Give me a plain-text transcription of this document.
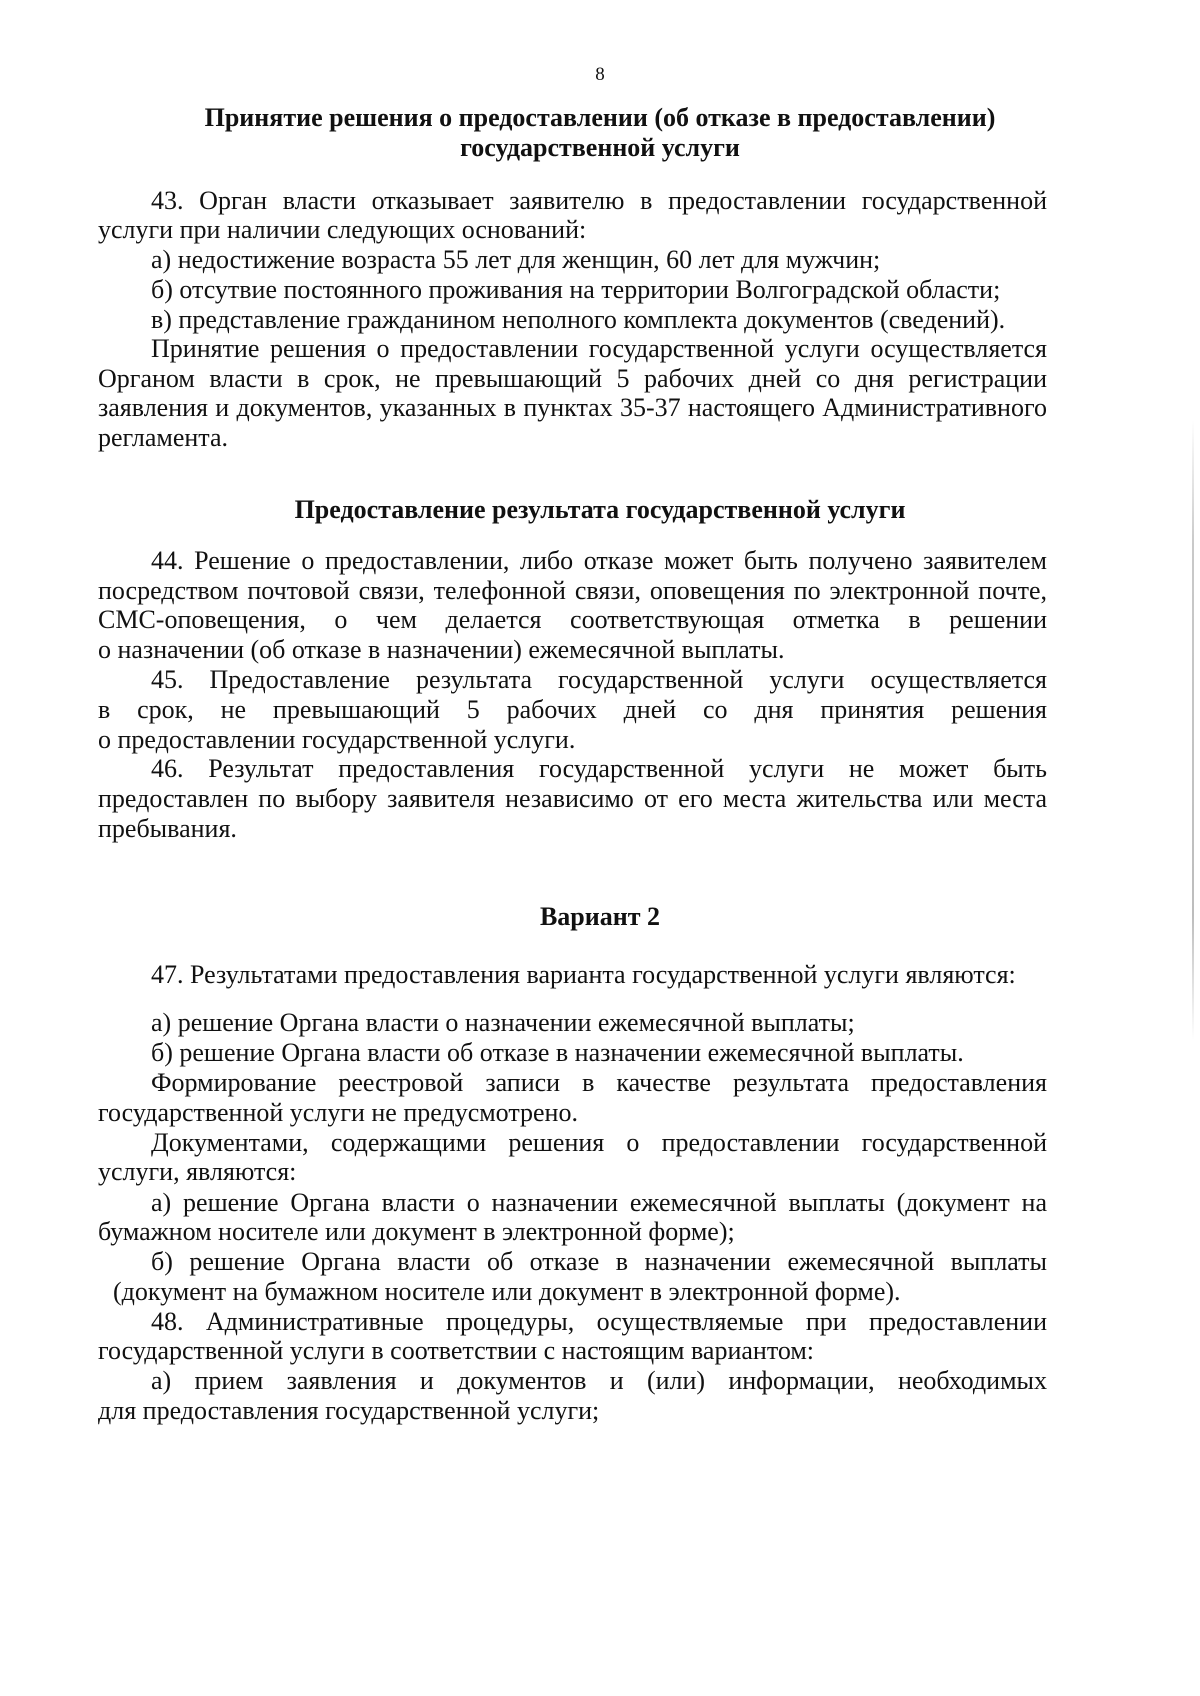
8
Принятие решения о предоставлении (об отказе в предоставлении)
государственной услуги
43. Орган власти отказывает заявителю в предоставлении государственной
услуги при наличии следующих оснований:
а) недостижение возраста 55 лет для женщин, 60 лет для мужчин;
б) отсутвие постоянного проживания на территории Волгоградской области;
в) представление гражданином неполного комплекта документов (сведений).
Принятие решения о предоставлении государственной услуги осуществляется
Органом власти в срок, не превышающий 5 рабочих дней со дня регистрации
заявления и документов, указанных в пунктах 35-37 настоящего Административного
регламента.
Предоставление результата государственной услуги
44. Решение о предоставлении, либо отказе может быть получено заявителем
посредством почтовой связи, телефонной связи, оповещения по электронной почте,
СМС-оповещения, о чем делается соответствующая отметка в решении
о назначении (об отказе в назначении) ежемесячной выплаты.
45. Предоставление результата государственной услуги осуществляется
в срок, не превышающий 5 рабочих дней со дня принятия решения
о предоставлении государственной услуги.
46. Результат предоставления государственной услуги не может быть
предоставлен по выбору заявителя независимо от его места жительства или места
пребывания.
Вариант 2
47. Результатами предоставления варианта государственной услуги являются:
а) решение Органа власти о назначении ежемесячной выплаты;
б) решение Органа власти об отказе в назначении ежемесячной выплаты.
Формирование реестровой записи в качестве результата предоставления
государственной услуги не предусмотрено.
Документами, содержащими решения о предоставлении государственной
услуги, являются:
а) решение Органа власти о назначении ежемесячной выплаты (документ на
бумажном носителе или документ в электронной форме);
б) решение Органа власти об отказе в назначении ежемесячной выплаты
(документ на бумажном носителе или документ в электронной форме).
48. Административные процедуры, осуществляемые при предоставлении
государственной услуги в соответствии с настоящим вариантом:
а) прием заявления и документов и (или) информации, необходимых
для предоставления государственной услуги;
